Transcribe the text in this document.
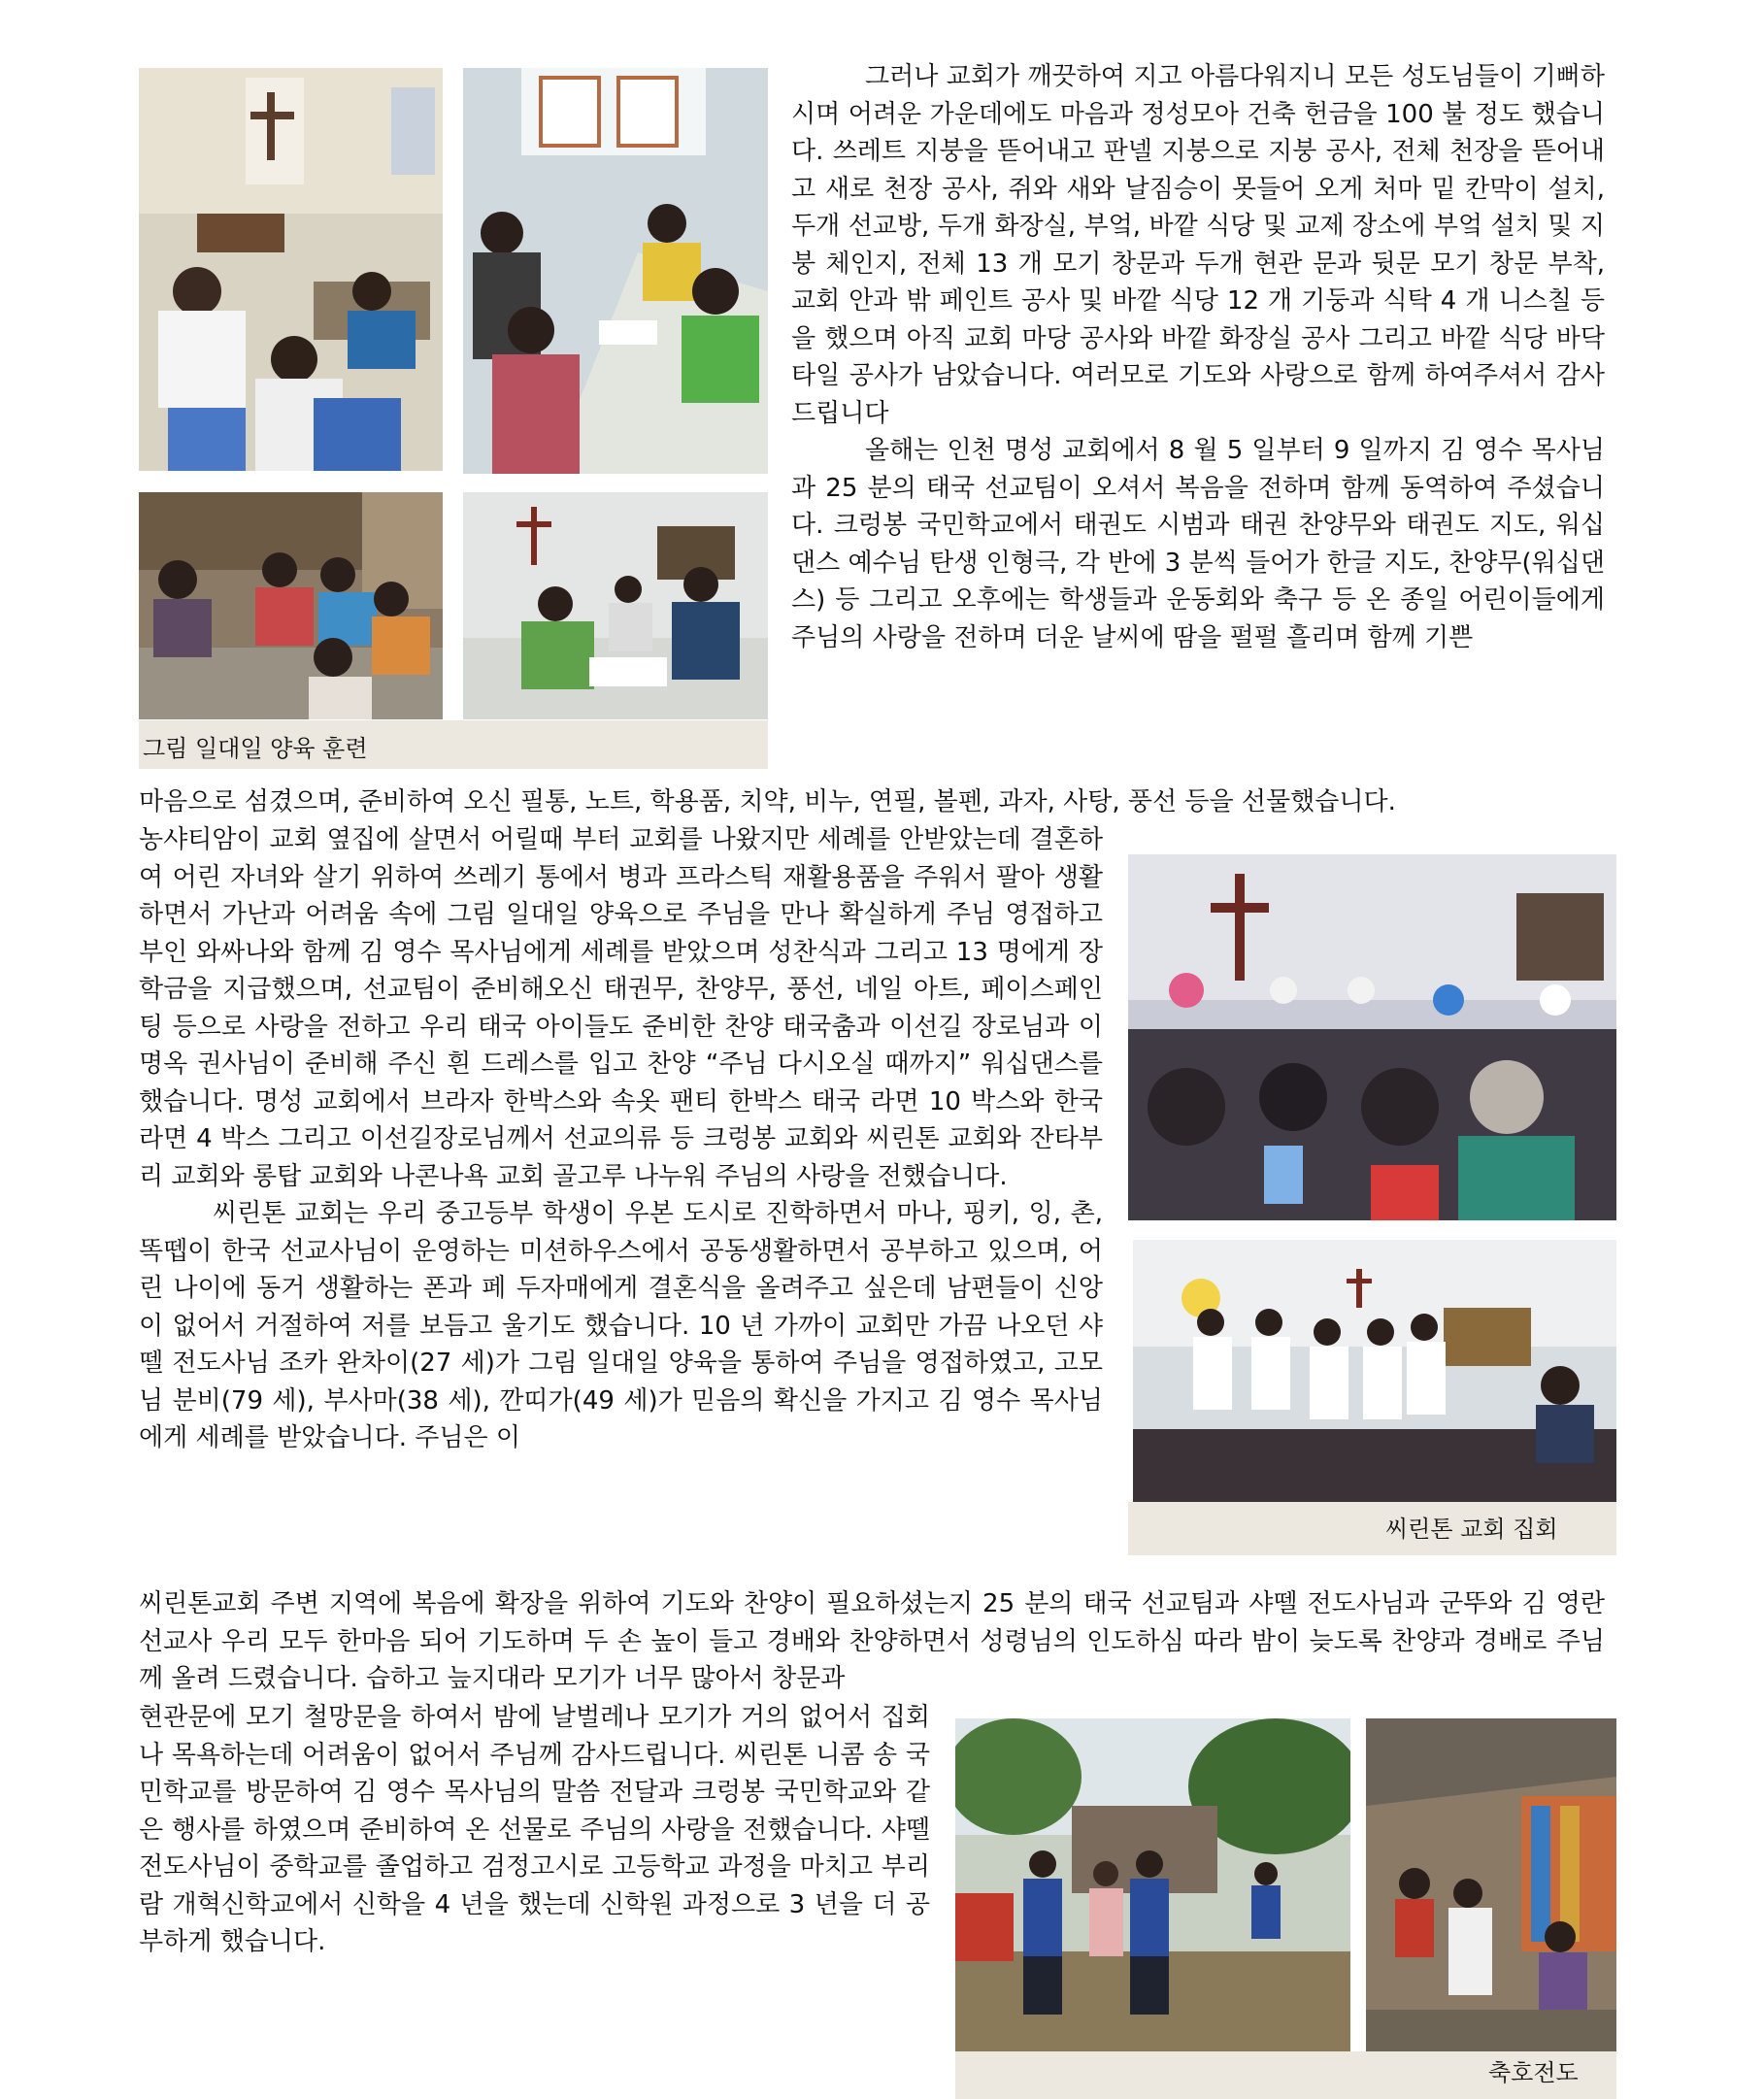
그림 일대일 양육 훈련

그러나 교회가 깨끗하여 지고 아름다워지니 모든 성도님들이 기뻐하시며 어려운 가운데에도 마음과 정성모아 건축 헌금을 100 불 정도 했습니다. 쓰레트 지붕을 뜯어내고 판넬 지붕으로 지붕 공사, 전체 천장을 뜯어내고 새로 천장 공사, 쥐와 새와 날짐승이 못들어 오게 처마 밑 칸막이 설치, 두개 선교방, 두개 화장실, 부엌, 바깥 식당 및 교제 장소에 부엌 설치 및 지붕 체인지, 전체 13 개 모기 창문과 두개 현관 문과 뒷문 모기 창문 부착, 교회 안과 밖 페인트 공사 및 바깥 식당 12 개 기둥과 식탁 4 개 니스칠 등을 했으며 아직 교회 마당 공사와 바깥 화장실 공사 그리고 바깥 식당 바닥 타일 공사가 남았습니다. 여러모로 기도와 사랑으로 함께 하여주셔서 감사드립니다

올해는 인천 명성 교회에서 8 월 5 일부터 9 일까지 김 영수 목사님과 25 분의 태국 선교팀이 오셔서 복음을 전하며 함께 동역하여 주셨습니다. 크렁봉 국민학교에서 태권도 시범과 태권 찬양무와 태권도 지도, 워십댄스 예수님 탄생 인형극, 각 반에 3 분씩 들어가 한글 지도, 찬양무(워십댄스) 등 그리고 오후에는 학생들과 운동회와 축구 등 온 종일 어린이들에게 주님의 사랑을 전하며 더운 날씨에 땀을 펄펄 흘리며 함께 기쁜

마음으로 섬겼으며, 준비하여 오신 필통, 노트, 학용품, 치약, 비누, 연필, 볼펜, 과자, 사탕, 풍선 등을 선물했습니다.

씨린톤 교회 집회

농샤티암이 교회 옆집에 살면서 어릴때 부터 교회를 나왔지만 세례를 안받았는데 결혼하여 어린 자녀와 살기 위하여 쓰레기 통에서 병과 프라스틱 재활용품을 주워서 팔아 생활하면서 가난과 어려움 속에 그림 일대일 양육으로 주님을 만나 확실하게 주님 영접하고 부인 와싸나와 함께 김 영수 목사님에게 세례를 받았으며 성찬식과 그리고 13 명에게 장학금을 지급했으며, 선교팀이 준비해오신 태권무, 찬양무, 풍선, 네일 아트, 페이스페인팅 등으로 사랑을 전하고 우리 태국 아이들도 준비한 찬양 태국춤과 이선길 장로님과 이 명옥 권사님이 준비해 주신 흰 드레스를 입고 찬양 “주님 다시오실 때까지” 워십댄스를 했습니다. 명성 교회에서 브라자 한박스와 속옷 팬티 한박스 태국 라면 10 박스와 한국 라면 4 박스 그리고 이선길장로님께서 선교의류 등 크렁봉 교회와 씨린톤 교회와 잔타부리 교회와 롱탑 교회와 나콘나욕 교회 골고루 나누워 주님의 사랑을 전했습니다.

씨린톤 교회는 우리 중고등부 학생이 우본 도시로 진학하면서 마나, 핑키, 잉, 촌, 똑뗍이 한국 선교사님이 운영하는 미션하우스에서 공동생활하면서 공부하고 있으며, 어린 나이에 동거 생활하는 폰과 페 두자매에게 결혼식을 올려주고 싶은데 남편들이 신앙이 없어서 거절하여 저를 보듬고 울기도 했습니다. 10 년 가까이 교회만 가끔 나오던 샤뗄 전도사님 조카 완차이(27 세)가 그림 일대일 양육을 통하여 주님을 영접하였고, 고모님 분비(79 세), 부사마(38 세), 깐띠가(49 세)가 믿음의 확신을 가지고 김 영수 목사님에게 세례를 받았습니다. 주님은 이

씨린톤교회 주변 지역에 복음에 확장을 위하여 기도와 찬양이 필요하셨는지 25 분의 태국 선교팀과 샤뗄 전도사님과 군뚜와 김 영란 선교사 우리 모두 한마음 되어 기도하며 두 손 높이 들고 경배와 찬양하면서 성령님의 인도하심 따라 밤이 늦도록 찬양과 경배로 주님께 올려 드렸습니다. 습하고 늪지대라 모기가 너무 많아서 창문과

현관문에 모기 철망문을 하여서 밤에 날벌레나 모기가 거의 없어서 집회나 목욕하는데 어려움이 없어서 주님께 감사드립니다. 씨린톤 니콤 송 국민학교를 방문하여 김 영수 목사님의 말씀 전달과 크렁봉 국민학교와 같은 행사를 하였으며 준비하여 온 선물로 주님의 사랑을 전했습니다. 샤뗄 전도사님이 중학교를 졸업하고 검정고시로 고등학교 과정을 마치고 부리람 개혁신학교에서 신학을 4 년을 했는데 신학원 과정으로 3 년을 더 공부하게 했습니다.

축호전도
